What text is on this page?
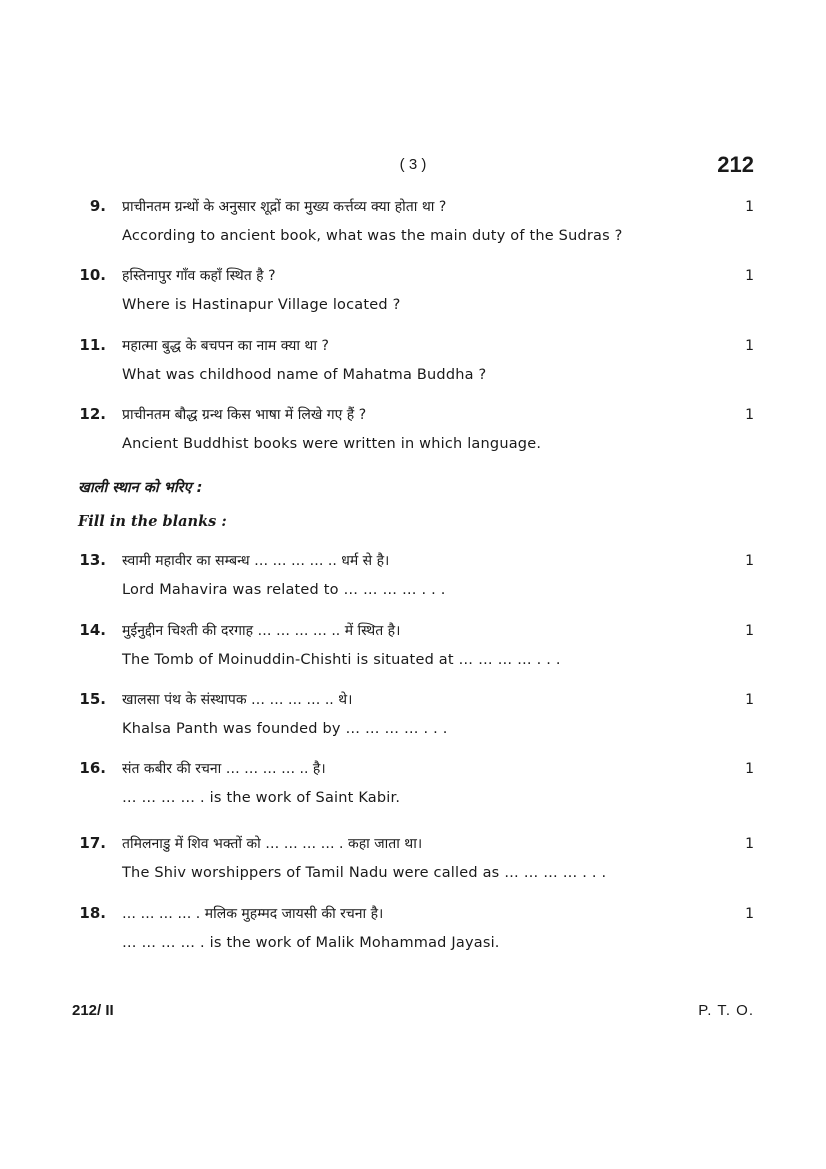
( 3 )	212
9. प्राचीनतम ग्रन्थों के अनुसार शूद्रों का मुख्य कर्त्तव्य क्या होता था ?	1
According to ancient book, what was the main duty of the Sudras ?
10. हस्तिनापुर गाँव कहाँ स्थित है ?	1
Where is Hastinapur Village located ?
11. महात्मा बुद्ध के बचपन का नाम क्या था ?	1
What was childhood name of Mahatma Buddha ?
12. प्राचीनतम बौद्ध ग्रन्थ किस भाषा में लिखे गए हैं ?	1
Ancient Buddhist books were written in which language.
खाली स्थान को भरिए :
Fill in the blanks :
13. स्वामी महावीर का सम्बन्ध … … … … .. धर्म से है।	1
Lord Mahavira was related to … … … … . . .
14. मुईनुद्दीन चिश्ती की दरगाह … … … … .. में स्थित है।	1
The Tomb of Moinuddin-Chishti is situated at … … … … . . .
15. खालसा पंथ के संस्थापक … … … … .. थे।	1
Khalsa Panth was founded by … … … … . . .
16. संत कबीर की रचना … … … … .. है।	1
… … … … . is the work of Saint Kabir.
17. तमिलनाडु में शिव भक्तों को … … … … . कहा जाता था।	1
The Shiv worshippers of Tamil Nadu were called as … … … … . . .
18. … … … … . मलिक मुहम्मद जायसी की रचना है।	1
… … … … . is the work of Malik Mohammad Jayasi.
212/ II	P. T. O.
